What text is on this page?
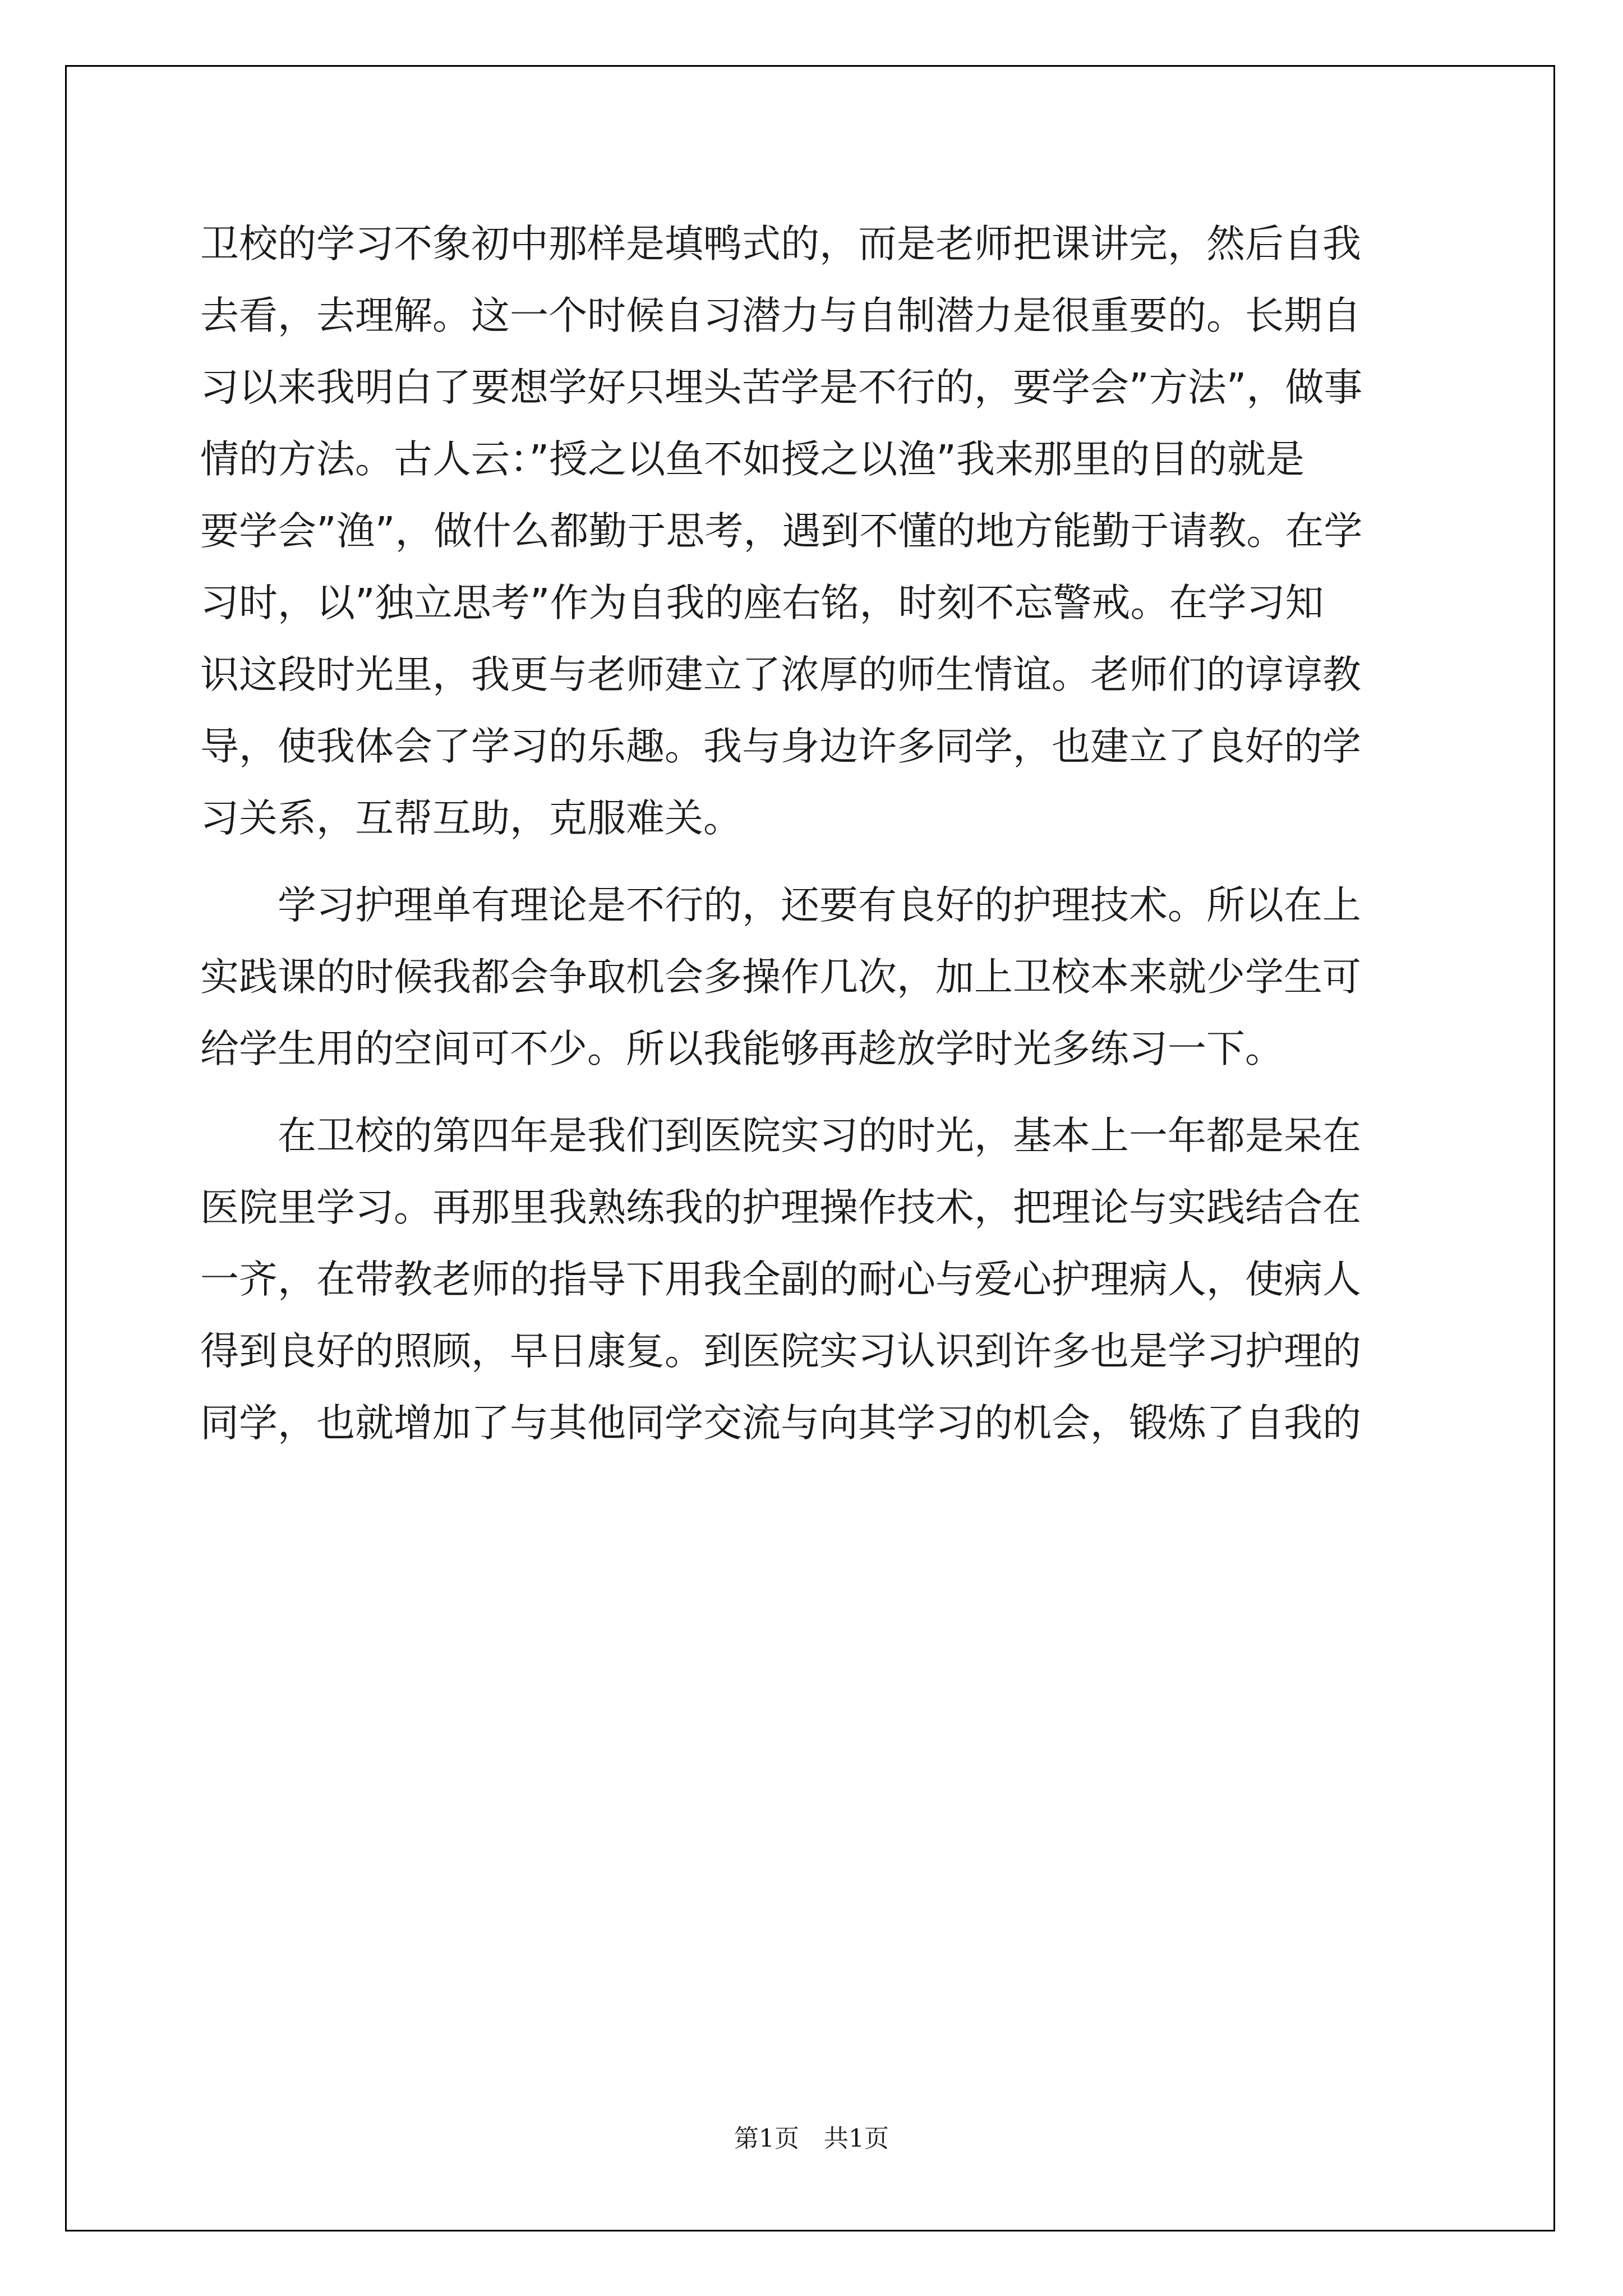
卫校的学习不象初中那样是填鸭式的，而是老师把课讲完，然后自我
去看，去理解。这一个时候自习潜力与自制潜力是很重要的。长期自
习以来我明白了要想学好只埋头苦学是不行的，要学会”方法”，做事
情的方法。古人云：”授之以鱼不如授之以渔”我来那里的目的就是
要学会”渔”，做什么都勤于思考，遇到不懂的地方能勤于请教。在学
习时，以”独立思考”作为自我的座右铭，时刻不忘警戒。在学习知
识这段时光里，我更与老师建立了浓厚的师生情谊。老师们的谆谆教
导，使我体会了学习的乐趣。我与身边许多同学，也建立了良好的学
习关系，互帮互助，克服难关。
学习护理单有理论是不行的，还要有良好的护理技术。所以在上
实践课的时候我都会争取机会多操作几次，加上卫校本来就少学生可
给学生用的空间可不少。所以我能够再趁放学时光多练习一下。
在卫校的第四年是我们到医院实习的时光，基本上一年都是呆在
医院里学习。再那里我熟练我的护理操作技术，把理论与实践结合在
一齐，在带教老师的指导下用我全副的耐心与爱心护理病人，使病人
得到良好的照顾，早日康复。到医院实习认识到许多也是学习护理的
同学，也就增加了与其他同学交流与向其学习的机会，锻炼了自我的
第1页　共1页
